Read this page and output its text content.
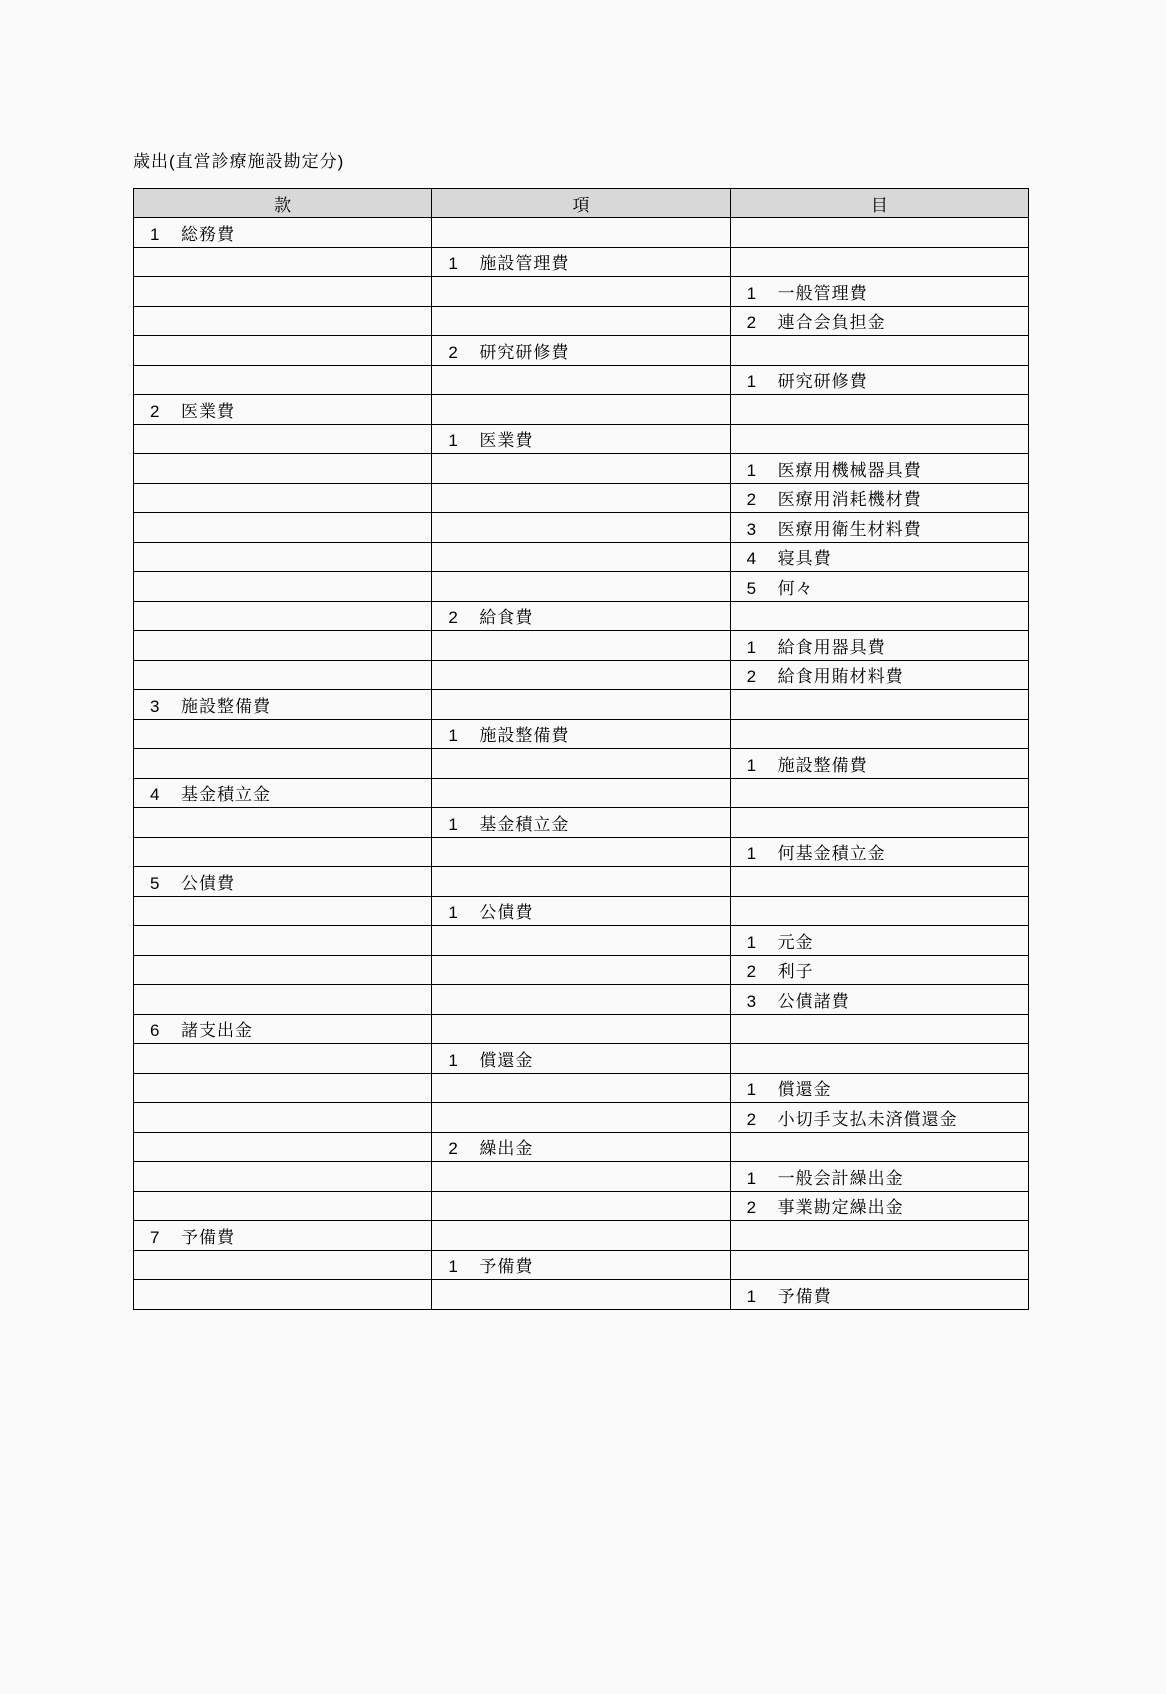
歳出(直営診療施設勘定分)
款	項	目
1 総務費		
	1 施設管理費	
		1 一般管理費
		2 連合会負担金
	2 研究研修費	
		1 研究研修費
2 医業費		
	1 医業費	
		1 医療用機械器具費
		2 医療用消耗機材費
		3 医療用衛生材料費
		4 寝具費
		5 何々
	2 給食費	
		1 給食用器具費
		2 給食用賄材料費
3 施設整備費		
	1 施設整備費	
		1 施設整備費
4 基金積立金		
	1 基金積立金	
		1 何基金積立金
5 公債費		
	1 公債費	
		1 元金
		2 利子
		3 公債諸費
6 諸支出金		
	1 償還金	
		1 償還金
		2 小切手支払未済償還金
	2 繰出金	
		1 一般会計繰出金
		2 事業勘定繰出金
7 予備費		
	1 予備費	
		1 予備費
